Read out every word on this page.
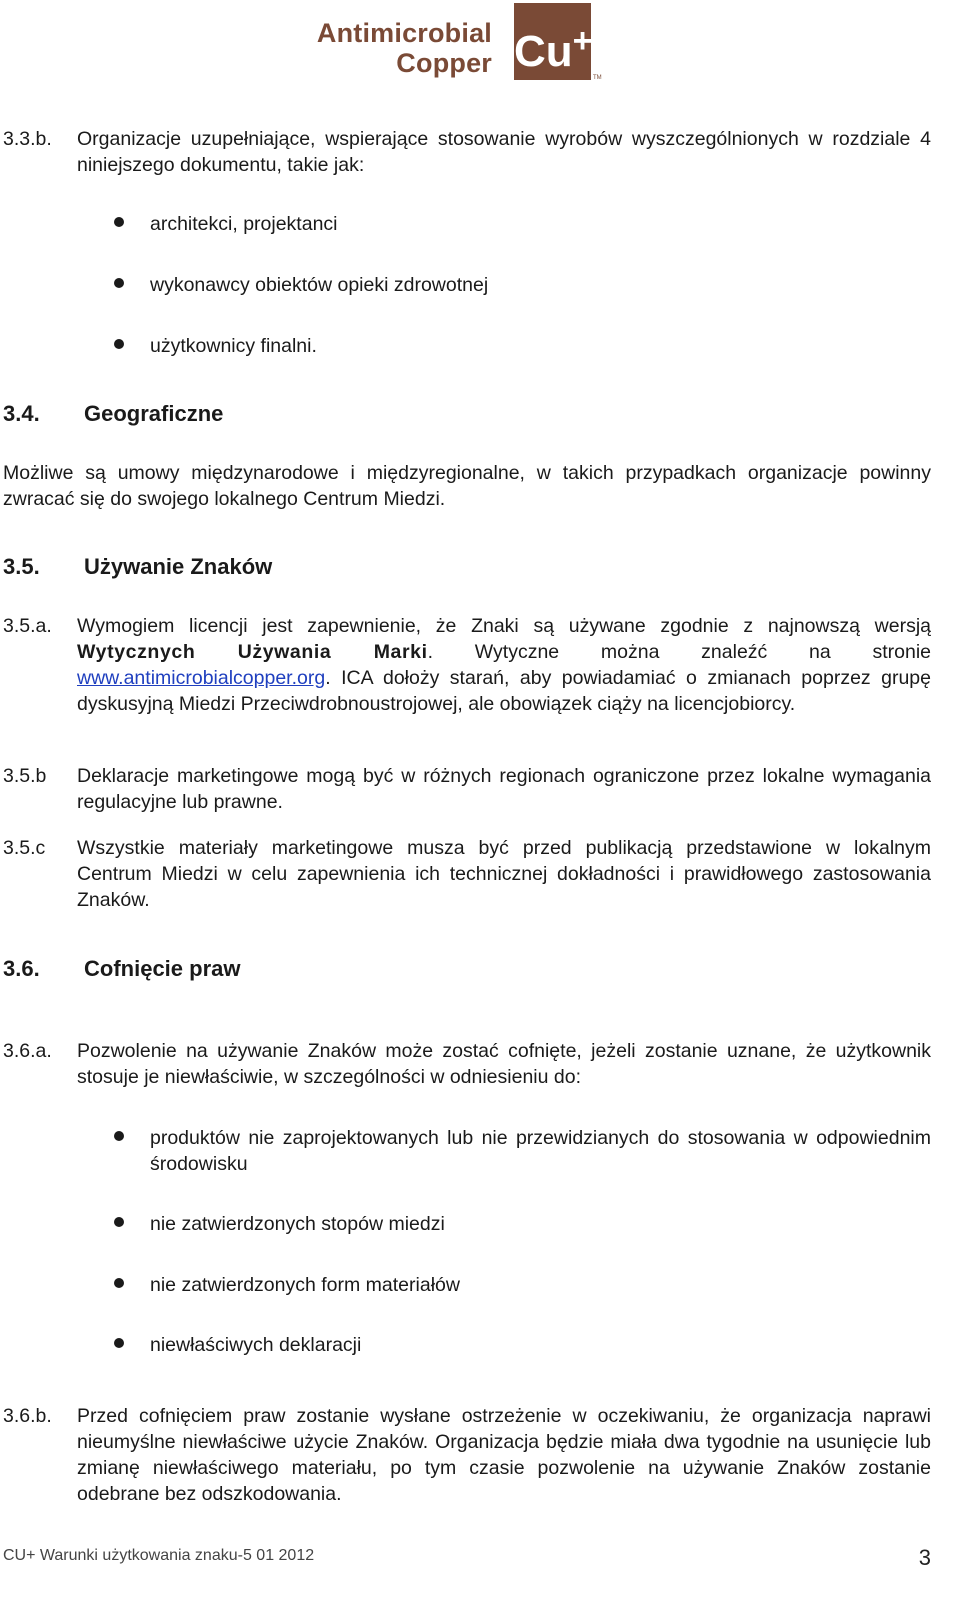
Antimicrobial
Copper Cu+
TM
3.3.b. Organizacje uzupełniające, wspierające stosowanie wyrobów wyszczególnionych w rozdziale 4 niniejszego dokumentu, takie jak:
architekci, projektanci
wykonawcy obiektów opieki zdrowotnej
użytkownicy finalni.
3.4. Geograficzne
Możliwe są umowy międzynarodowe i międzyregionalne, w takich przypadkach organizacje powinny zwracać się do swojego lokalnego Centrum Miedzi.
3.5. Używanie Znaków
3.5.a. Wymogiem licencji jest zapewnienie, że Znaki są używane zgodnie z najnowszą wersją Wytycznych Używania Marki. Wytyczne można znaleźć na stronie www.antimicrobialcopper.org. ICA dołoży starań, aby powiadamiać o zmianach poprzez grupę dyskusyjną Miedzi Przeciwdrobnoustrojowej, ale obowiązek ciąży na licencjobiorcy.
3.5.b Deklaracje marketingowe mogą być w różnych regionach ograniczone przez lokalne wymagania regulacyjne lub prawne.
3.5.c Wszystkie materiały marketingowe musza być przed publikacją przedstawione w lokalnym Centrum Miedzi w celu zapewnienia ich technicznej dokładności i prawidłowego zastosowania Znaków.
3.6. Cofnięcie praw
3.6.a. Pozwolenie na używanie Znaków może zostać cofnięte, jeżeli zostanie uznane, że użytkownik stosuje je niewłaściwie, w szczególności w odniesieniu do:
produktów nie zaprojektowanych lub nie przewidzianych do stosowania w odpowiednim środowisku
nie zatwierdzonych stopów miedzi
nie zatwierdzonych form materiałów
niewłaściwych deklaracji
3.6.b. Przed cofnięciem praw zostanie wysłane ostrzeżenie w oczekiwaniu, że organizacja naprawi nieumyślne niewłaściwe użycie Znaków. Organizacja będzie miała dwa tygodnie na usunięcie lub zmianę niewłaściwego materiału, po tym czasie pozwolenie na używanie Znaków zostanie odebrane bez odszkodowania.
CU+ Warunki użytkowania znaku-5 01 2012	3
